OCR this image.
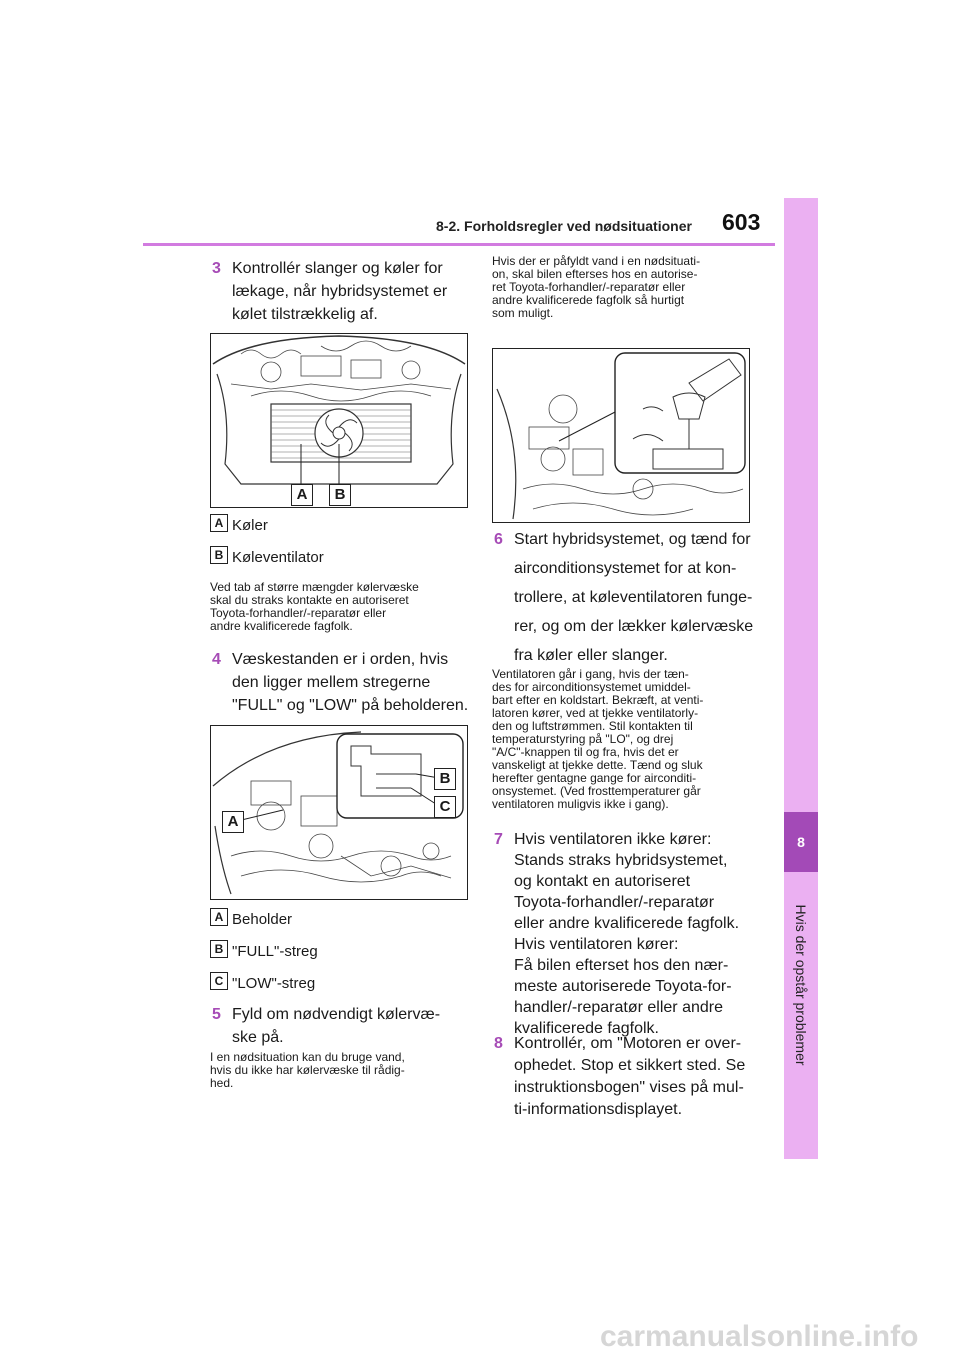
8-2. Forholdsregler ved nødsituationer 603
8
Hvis der opstår problemer
3 Kontrollér slanger og køler for
lækage, når hybridsystemet er
kølet tilstrækkelig af.
A	B
A Køler
B Køleventilator
Ved tab af større mængder kølervæske
skal du straks kontakte en autoriseret
Toyota-forhandler/-reparatør eller
andre kvalificerede fagfolk.
4 Væskestanden er i orden, hvis
den ligger mellem stregerne
"FULL" og "LOW" på beholderen.
B
C
A
A Beholder
B "FULL"-streg
C "LOW"-streg
5 Fyld om nødvendigt kølervæ-
ske på.
I en nødsituation kan du bruge vand,
hvis du ikke har kølervæske til rådig-
hed.
Hvis der er påfyldt vand i en nødsituati-
on, skal bilen efterses hos en autorise-
ret Toyota-forhandler/-reparatør eller
andre kvalificerede fagfolk så hurtigt
som muligt.
6 Start hybridsystemet, og tænd for
airconditionsystemet for at kon-
trollere, at køleventilatoren funge-
rer, og om der lækker kølervæske
fra køler eller slanger.
Ventilatoren går i gang, hvis der tæn-
des for airconditionsystemet umiddel-
bart efter en koldstart. Bekræft, at venti-
latoren kører, ved at tjekke ventilatorly-
den og luftstrømmen. Stil kontakten til
temperaturstyring på "LO", og drej
"A/C"-knappen til og fra, hvis det er
vanskeligt at tjekke dette. Tænd og sluk
herefter gentagne gange for airconditi-
onsystemet. (Ved frosttemperaturer går
ventilatoren muligvis ikke i gang).
7 Hvis ventilatoren ikke kører:
Stands straks hybridsystemet,
og kontakt en autoriseret
Toyota-forhandler/-reparatør
eller andre kvalificerede fagfolk.
Hvis ventilatoren kører:
Få bilen efterset hos den nær-
meste autoriserede Toyota-for-
handler/-reparatør eller andre
kvalificerede fagfolk.
8 Kontrollér, om "Motoren er over-
ophedet. Stop et sikkert sted. Se
instruktionsbogen" vises på mul-
ti-informationsdisplayet.
carmanualsonline.info
